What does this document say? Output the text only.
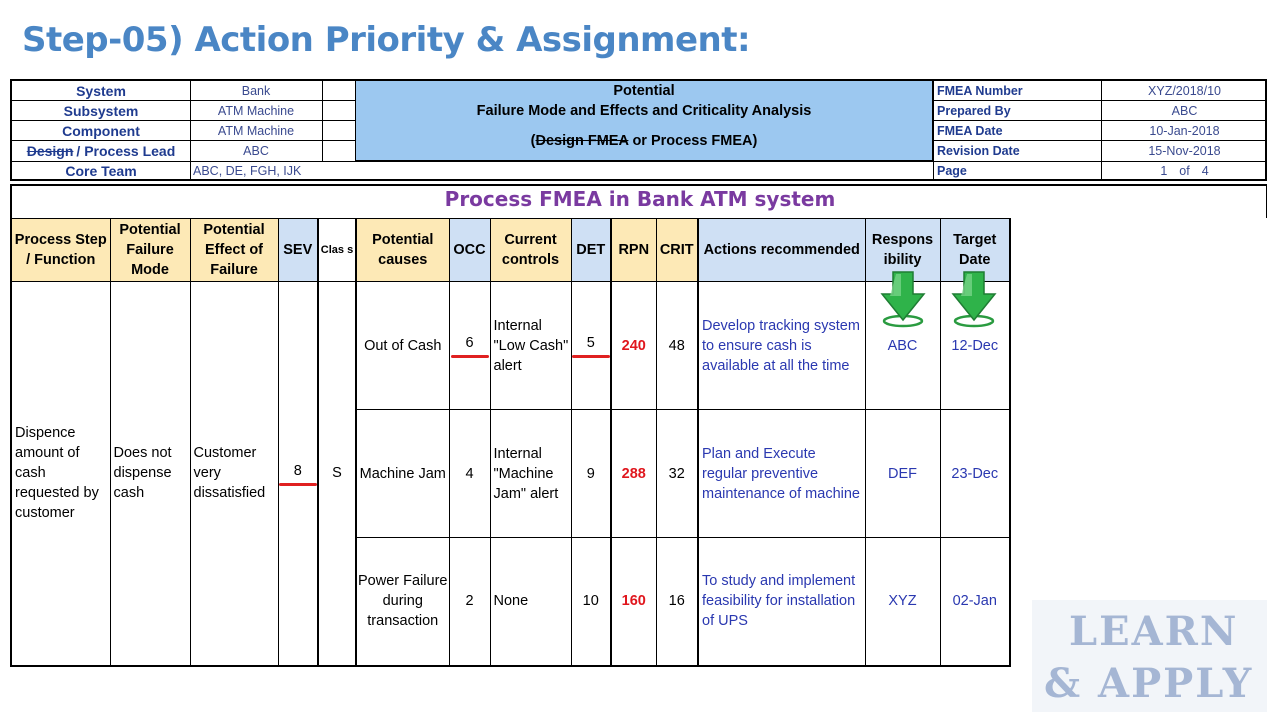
Step-05) Action Priority & Assignment:
System	Bank
Subsystem	ATM Machine
Component	ATM Machine
Design / Process Lead	ABC
Core Team	ABC, DE, FGH, IJK
Potential
Failure Mode and Effects and Criticality Analysis
(Design FMEA or Process FMEA)
FMEA Number	XYZ/2018/10
Prepared By	ABC
FMEA Date	10-Jan-2018
Revision Date	15-Nov-2018
Page	1 of 4
Process FMEA in Bank ATM system
Process Step / Function	Potential Failure Mode	Potential Effect of Failure	SEV	Clas s	Potential causes	OCC	Current controls	DET	RPN	CRIT	Actions recommended	Respons ibility	Target Date
Dispence amount of cash requested by customer	Does not dispense cash	Customer very dissatisfied	8	S	Out of Cash	6	Internal "Low Cash" alert	5	240	48	Develop tracking system to ensure cash is available at all the time	ABC	12-Dec
					Machine Jam	4	Internal "Machine Jam" alert	9	288	32	Plan and Execute regular preventive maintenance of machine	DEF	23-Dec
					Power Failure during transaction	2	None	10	160	16	To study and implement feasibility for installation of UPS	XYZ	02-Jan
LEARN
& APPLY
